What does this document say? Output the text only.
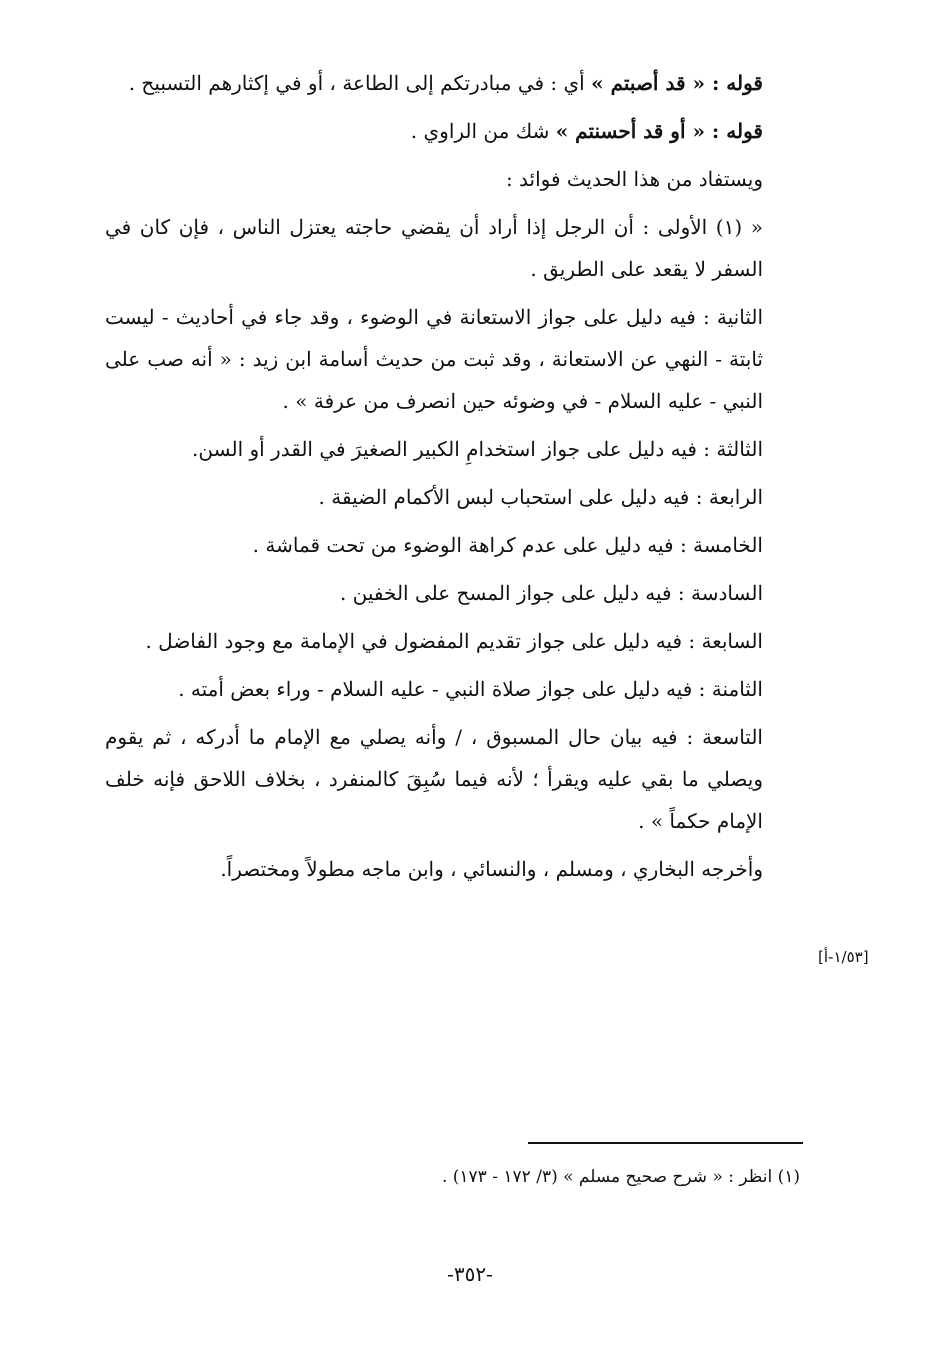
قوله : « قد أصبتم » أي : في مبادرتكم إلى الطاعة ، أو في إكثارهم التسبيح .

قوله : « أو قد أحسنتم » شك من الراوي .

ويستفاد من هذا الحديث فوائد :

« (١) الأولى : أن الرجل إذا أراد أن يقضي حاجته يعتزل الناس ، فإن كان في السفر لا يقعد على الطريق .

الثانية : فيه دليل على جواز الاستعانة في الوضوء ، وقد جاء في أحاديث - ليست ثابتة - النهي عن الاستعانة ، وقد ثبت من حديث أسامة ابن زيد : « أنه صب على النبي - عليه السلام - في وضوئه حين انصرف من عرفة » .

الثالثة : فيه دليل على جواز استخدامِ الكبير الصغيرَ في القدر أو السن.

الرابعة : فيه دليل على استحباب لبس الأكمام الضيقة .

الخامسة : فيه دليل على عدم كراهة الوضوء من تحت قماشة .

السادسة : فيه دليل على جواز المسح على الخفين .

السابعة : فيه دليل على جواز تقديم المفضول في الإمامة مع وجود الفاضل .

الثامنة : فيه دليل على جواز صلاة النبي - عليه السلام - وراء بعض أمته .

التاسعة : فيه بيان حال المسبوق ، / وأنه يصلي مع الإمام ما أدركه ، ثم يقوم ويصلي ما بقي عليه ويقرأ ؛ لأنه فيما سُبِقَ كالمنفرد ، بخلاف اللاحق فإنه خلف الإمام حكماً » .

وأخرجه البخاري ، ومسلم ، والنسائي ، وابن ماجه مطولاً ومختصراً.

[١/٥٣-أ]
(١) انظر : « شرح صحيح مسلم » (٣/ ١٧٢ - ١٧٣) .
-٣٥٢-
